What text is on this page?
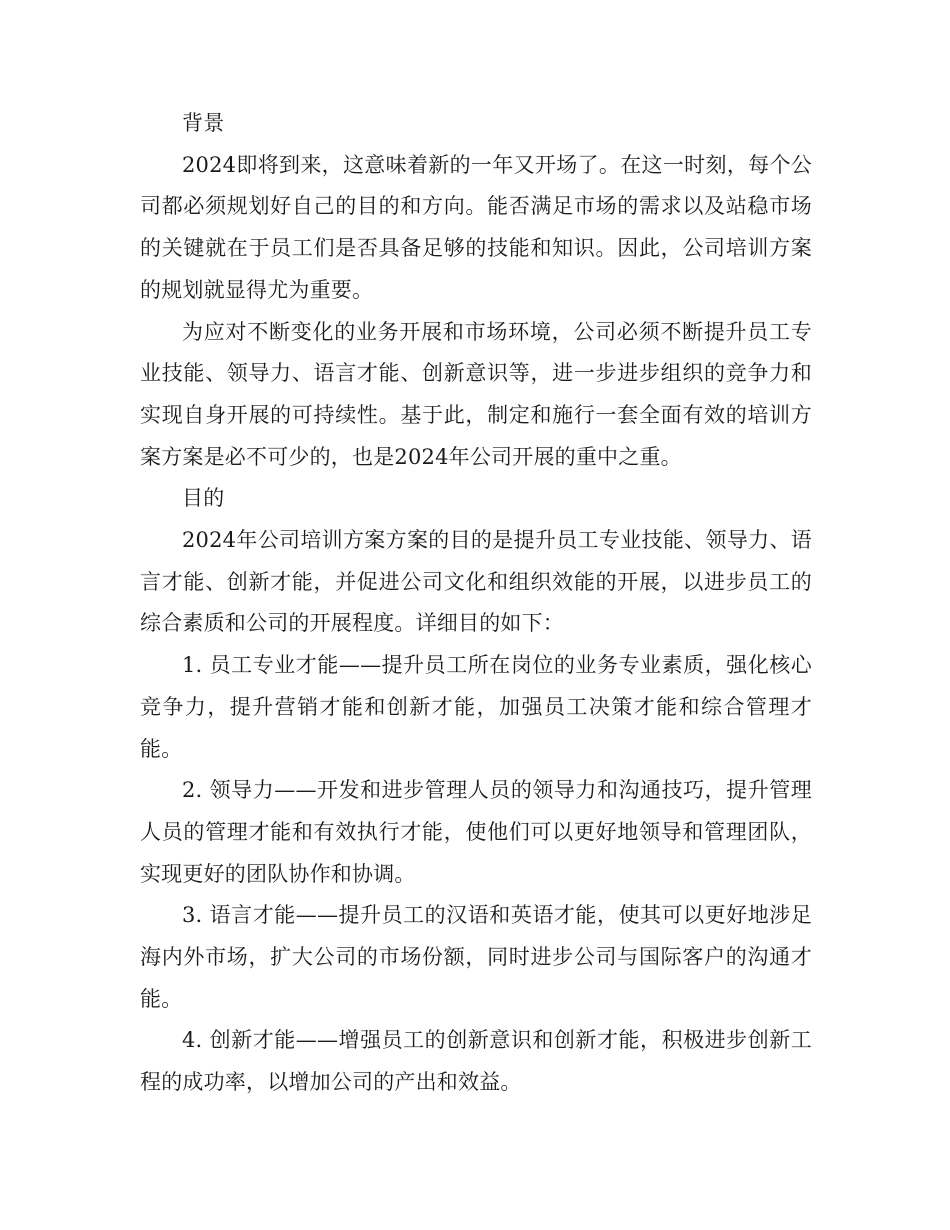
背景

2024即将到来，这意味着新的一年又开场了。在这一时刻，每个公司都必须规划好自己的目的和方向。能否满足市场的需求以及站稳市场的关键就在于员工们是否具备足够的技能和知识。因此，公司培训方案的规划就显得尤为重要。

为应对不断变化的业务开展和市场环境，公司必须不断提升员工专业技能、领导力、语言才能、创新意识等，进一步进步组织的竞争力和实现自身开展的可持续性。基于此，制定和施行一套全面有效的培训方案方案是必不可少的，也是2024年公司开展的重中之重。

目的

2024年公司培训方案方案的目的是提升员工专业技能、领导力、语言才能、创新才能，并促进公司文化和组织效能的开展，以进步员工的综合素质和公司的开展程度。详细目的如下：

1. 员工专业才能——提升员工所在岗位的业务专业素质，强化核心竞争力，提升营销才能和创新才能，加强员工决策才能和综合管理才能。

2. 领导力——开发和进步管理人员的领导力和沟通技巧，提升管理人员的管理才能和有效执行才能，使他们可以更好地领导和管理团队，实现更好的团队协作和协调。

3. 语言才能——提升员工的汉语和英语才能，使其可以更好地涉足海内外市场，扩大公司的市场份额，同时进步公司与国际客户的沟通才能。

4. 创新才能——增强员工的创新意识和创新才能，积极进步创新工程的成功率，以增加公司的产出和效益。
